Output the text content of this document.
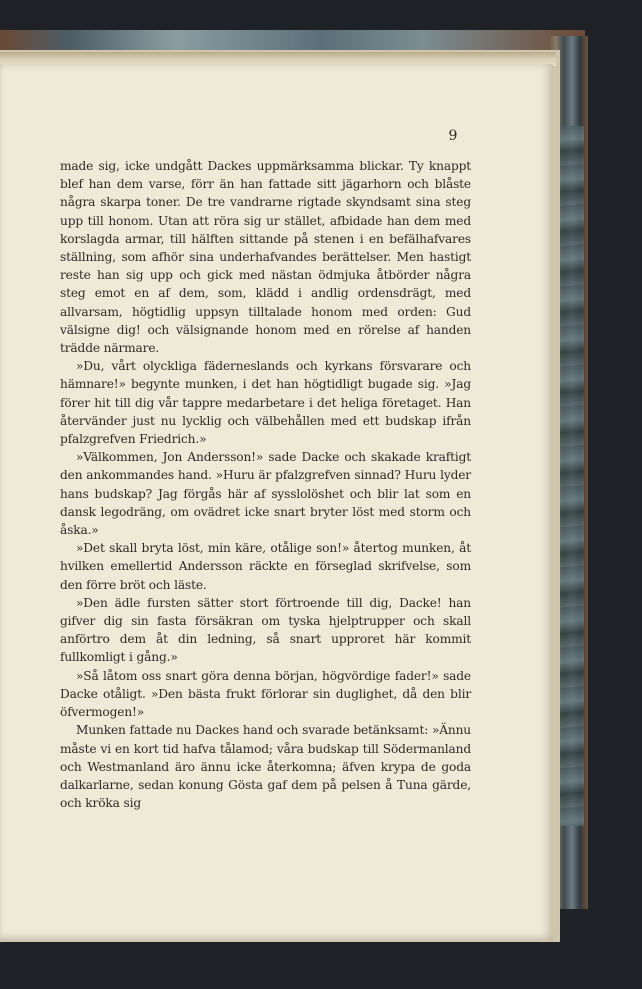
9

made sig, icke undgått Dackes uppmärksamma blickar. Ty knappt blef han dem varse, förr än han fattade sitt jägarhorn och blåste några skarpa toner. De tre vandrarne rigtade skyndsamt sina steg upp till honom. Utan att röra sig ur stället, afbidade han dem med korslagda armar, till hälften sittande på stenen i en befälhafvares ställning, som afhör sina underhafvandes berättelser. Men hastigt reste han sig upp och gick med nästan ödmjuka åtbörder några steg emot en af dem, som, klädd i andlig ordensdrägt, med allvarsam, högtidlig uppsyn tilltalade honom med orden: Gud välsigne dig! och välsignande honom med en rörelse af handen trädde närmare.

»Du, vårt olyckliga fäderneslands och kyrkans försvarare och hämnare!» begynte munken, i det han högtidligt bugade sig. »Jag förer hit till dig vår tappre medarbetare i det heliga företaget. Han återvänder just nu lycklig och välbehållen med ett budskap ifrån pfalzgrefven Friedrich.»

»Välkommen, Jon Andersson!» sade Dacke och skakade kraftigt den ankommandes hand. »Huru är pfalzgrefven sinnad? Huru lyder hans budskap? Jag förgås här af sysslolöshet och blir lat som en dansk legodräng, om ovädret icke snart bryter löst med storm och åska.»

»Det skall bryta löst, min käre, otålige son!» återtog munken, åt hvilken emellertid Andersson räckte en förseglad skrifvelse, som den förre bröt och läste.

»Den ädle fursten sätter stort förtroende till dig, Dacke! han gifver dig sin fasta försäkran om tyska hjelptrupper och skall anförtro dem åt din ledning, så snart upproret här kommit fullkomligt i gång.»

»Så låtom oss snart göra denna början, högvördige fader!» sade Dacke otåligt. »Den bästa frukt förlorar sin duglighet, då den blir öfvermogen!»

Munken fattade nu Dackes hand och svarade betänksamt: »Ännu måste vi en kort tid hafva tålamod; våra budskap till Södermanland och Westmanland äro ännu icke återkomna; äfven krypa de goda dalkarlarne, sedan konung Gösta gaf dem på pelsen å Tuna gärde, och kröka sig
